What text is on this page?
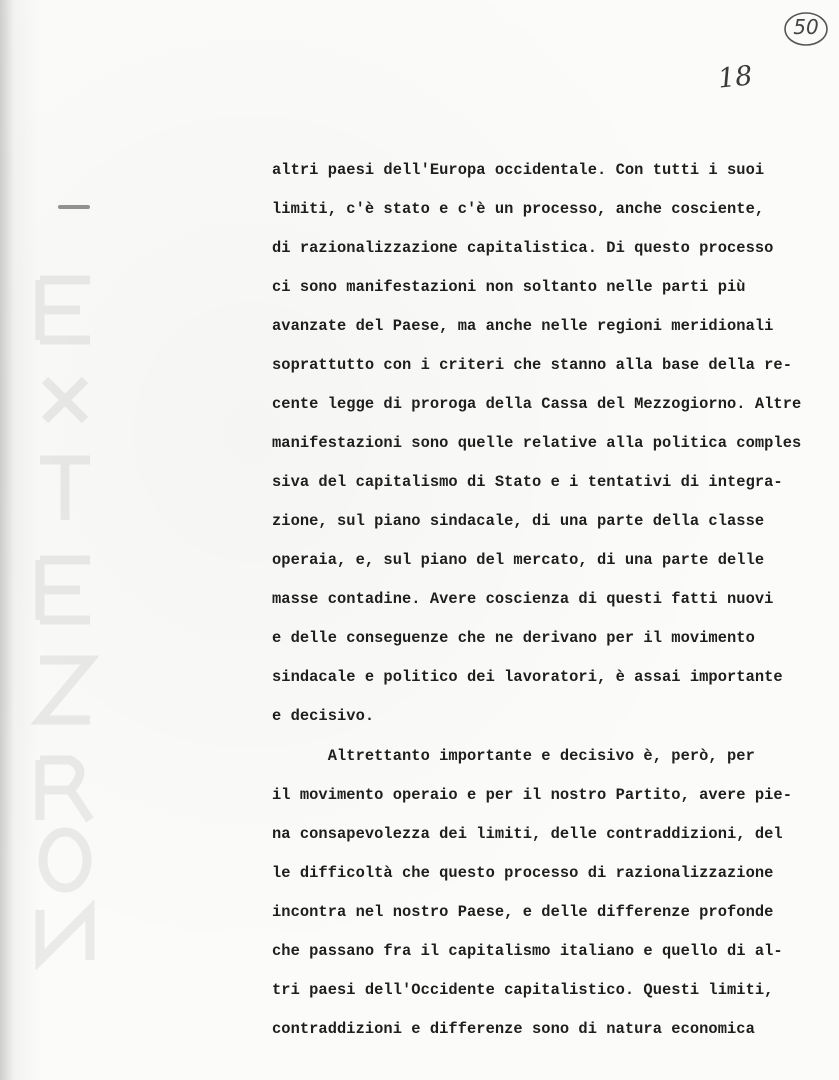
50
18
altri paesi dell'Europa occidentale. Con tutti i suoi
limiti, c'è stato e c'è un processo, anche cosciente,
di razionalizzazione capitalistica. Di questo processo
ci sono manifestazioni non soltanto nelle parti più
avanzate del Paese, ma anche nelle regioni meridionali
soprattutto con i criteri che stanno alla base della re-
cente legge di proroga della Cassa del Mezzogiorno. Altre
manifestazioni sono quelle relative alla politica comples
siva del capitalismo di Stato e i tentativi di integra-
zione, sul piano sindacale, di una parte della classe
operaia, e, sul piano del mercato, di una parte delle
masse contadine. Avere coscienza di questi fatti nuovi
e delle conseguenze che ne derivano per il movimento
sindacale e politico dei lavoratori, è assai importante
e decisivo.
Altrettanto importante e decisivo è, però, per
il movimento operaio e per il nostro Partito, avere pie-
na consapevolezza dei limiti, delle contraddizioni, del
le difficoltà che questo processo di razionalizzazione
incontra nel nostro Paese, e delle differenze profonde
che passano fra il capitalismo italiano e quello di al-
tri paesi dell'Occidente capitalistico. Questi limiti,
contraddizioni e differenze sono di natura economica
